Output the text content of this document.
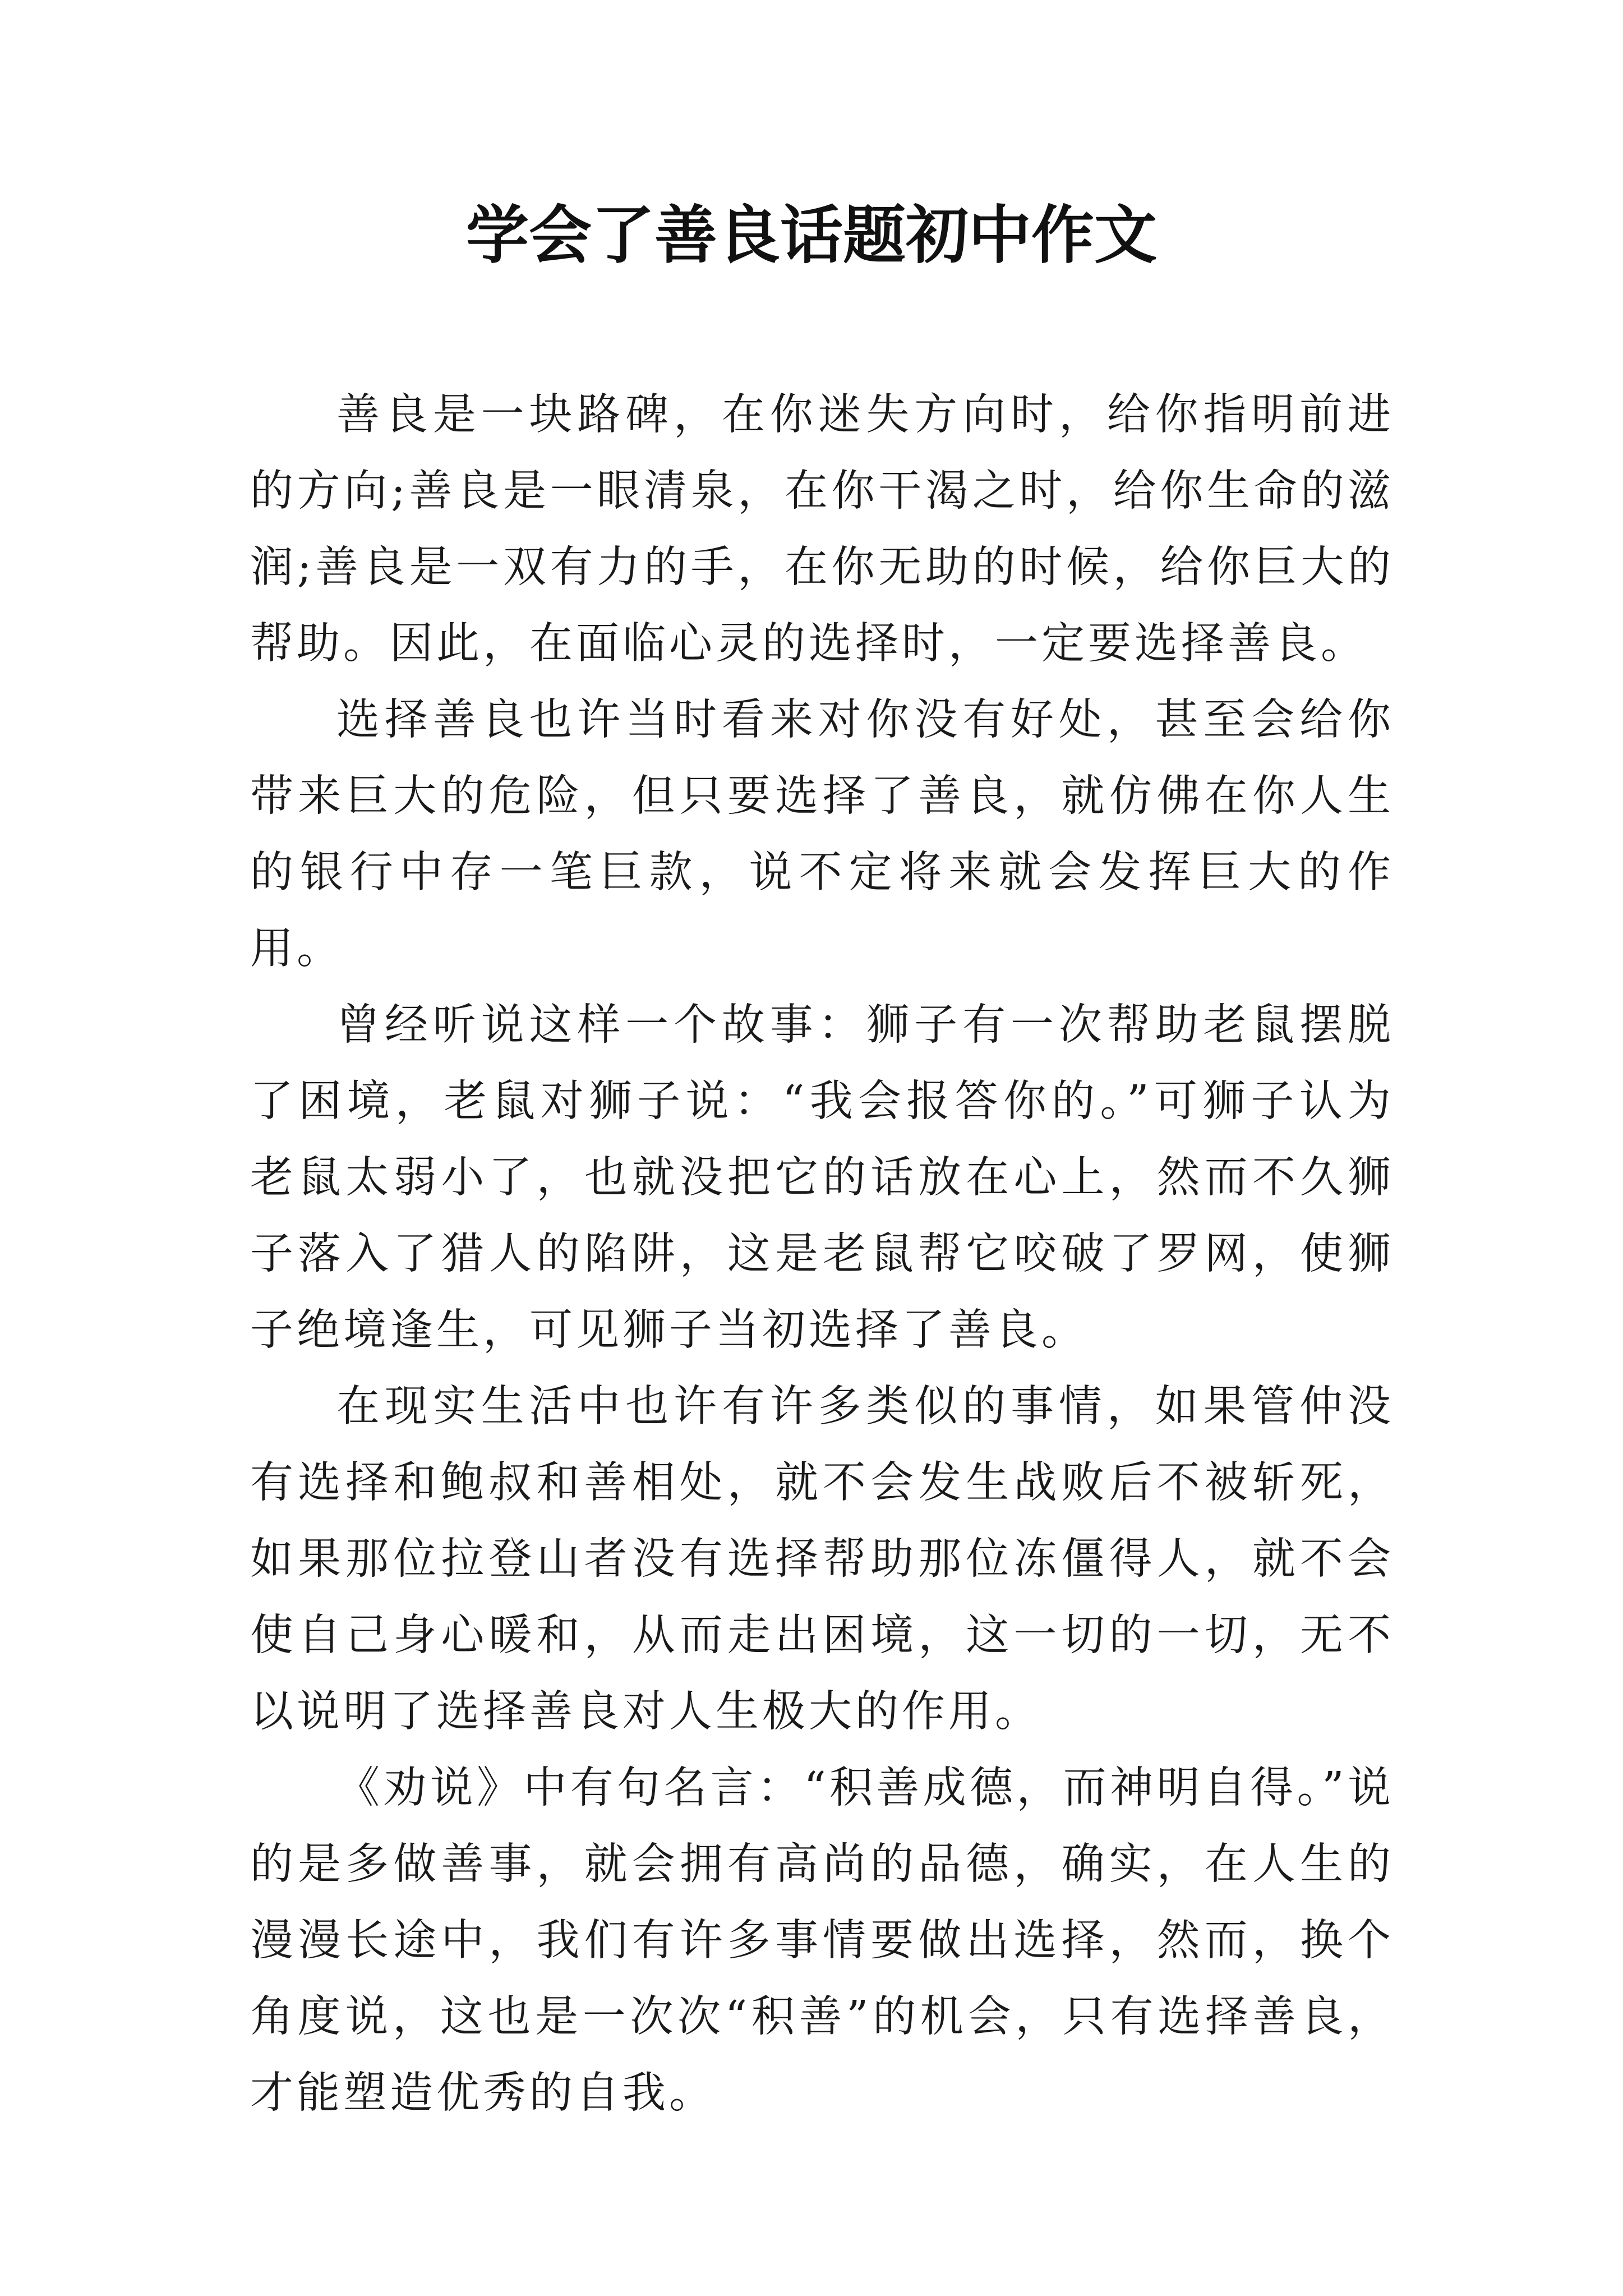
学会了善良话题初中作文

善良是一块路碑，在你迷失方向时，给你指明前进的方向;善良是一眼清泉，在你干渴之时，给你生命的滋润;善良是一双有力的手，在你无助的时候，给你巨大的帮助。因此，在面临心灵的选择时，一定要选择善良。

选择善良也许当时看来对你没有好处，甚至会给你带来巨大的危险，但只要选择了善良，就仿佛在你人生的银行中存一笔巨款，说不定将来就会发挥巨大的作用。

曾经听说这样一个故事：狮子有一次帮助老鼠摆脱了困境，老鼠对狮子说：“我会报答你的。”可狮子认为老鼠太弱小了，也就没把它的话放在心上，然而不久狮子落入了猎人的陷阱，这是老鼠帮它咬破了罗网，使狮子绝境逢生，可见狮子当初选择了善良。

在现实生活中也许有许多类似的事情，如果管仲没有选择和鲍叔和善相处，就不会发生战败后不被斩死，如果那位拉登山者没有选择帮助那位冻僵得人，就不会使自己身心暖和，从而走出困境，这一切的一切，无不以说明了选择善良对人生极大的作用。

《劝说》中有句名言：“积善成德，而神明自得。”说的是多做善事，就会拥有高尚的品德，确实，在人生的漫漫长途中，我们有许多事情要做出选择，然而，换个角度说，这也是一次次“积善”的机会，只有选择善良，才能塑造优秀的自我。
